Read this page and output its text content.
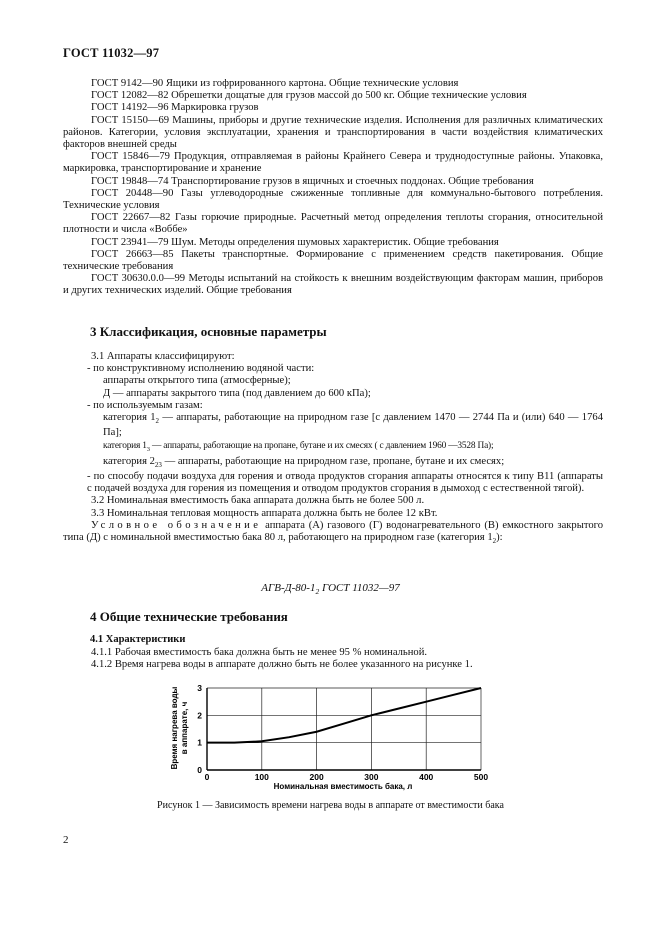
ГОСТ 11032—97

ГОСТ 9142—90 Ящики из гофрированного картона. Общие технические условия

ГОСТ 12082—82 Обрешетки дощатые для грузов массой до 500 кг. Общие технические условия

ГОСТ 14192—96 Маркировка грузов

ГОСТ 15150—69 Машины, приборы и другие технические изделия. Исполнения для различных климатических районов. Категории, условия эксплуатации, хранения и транспортирования в части воздействия климатических факторов внешней среды

ГОСТ 15846—79 Продукция, отправляемая в районы Крайнего Севера и труднодоступные районы. Упаковка, маркировка, транспортирование и хранение

ГОСТ 19848—74 Транспортирование грузов в ящичных и стоечных поддонах. Общие требования

ГОСТ 20448—90 Газы углеводородные сжиженные топливные для коммунально-бытового потребления. Технические условия

ГОСТ 22667—82 Газы горючие природные. Расчетный метод определения теплоты сгорания, относительной плотности и числа «Воббе»

ГОСТ 23941—79 Шум. Методы определения шумовых характеристик. Общие требования

ГОСТ 26663—85 Пакеты транспортные. Формирование с применением средств пакетирования. Общие технические требования

ГОСТ 30630.0.0—99 Методы испытаний на стойкость к внешним воздействующим факторам машин, приборов и других технических изделий. Общие требования

3 Классификация, основные параметры

3.1 Аппараты классифицируют:

- по конструктивному исполнению водяной части:

аппараты открытого типа (атмосферные);

Д — аппараты закрытого типа (под давлением до 600 кПа);

- по используемым газам:

категория $1_2$ — аппараты, работающие на природном газе [с давлением 1470 — 2744 Па и (или) 640 — 1764 Па];

категория $1_3$ — аппараты, работающие на пропане, бутане и их смесях ( с давлением 1960 —3528 Па);

категория $2_{23}$ — аппараты, работающие на природном газе, пропане, бутане и их смесях;

- по способу подачи воздуха для горения и отвода продуктов сгорания аппараты относятся к типу В11 (аппараты с подачей воздуха для горения из помещения и отводом продуктов сгорания в дымоход с естественной тягой).

3.2 Номинальная вместимость бака аппарата должна быть не более 500 л.

3.3 Номинальная тепловая мощность аппарата должна быть не более 12 кВт.

Условное обозначение аппарата (А) газового (Г) водонагревательного (В) емкостного закрытого типа (Д) с номинальной вместимостью бака 80 л, работающего на природном газе (категория $1_2$):

АГВ-$Д-80-1_2$ ГОСТ 11032—97
4 Общие технические требования
4.1 Характеристики

4.1.1 Рабочая вместимость бака должна быть не менее 95 % номинальной.

4.1.2 Время нагрева воды в аппарате должно быть не более указанного на рисунке 1.

0	100	200	300	400	500
0
1
2
3
Время нагрева воды в аппарате, ч
Номинальная вместимость бака, л
Рисунок 1 — Зависимость времени нагрева воды в аппарате от вместимости бака
2
